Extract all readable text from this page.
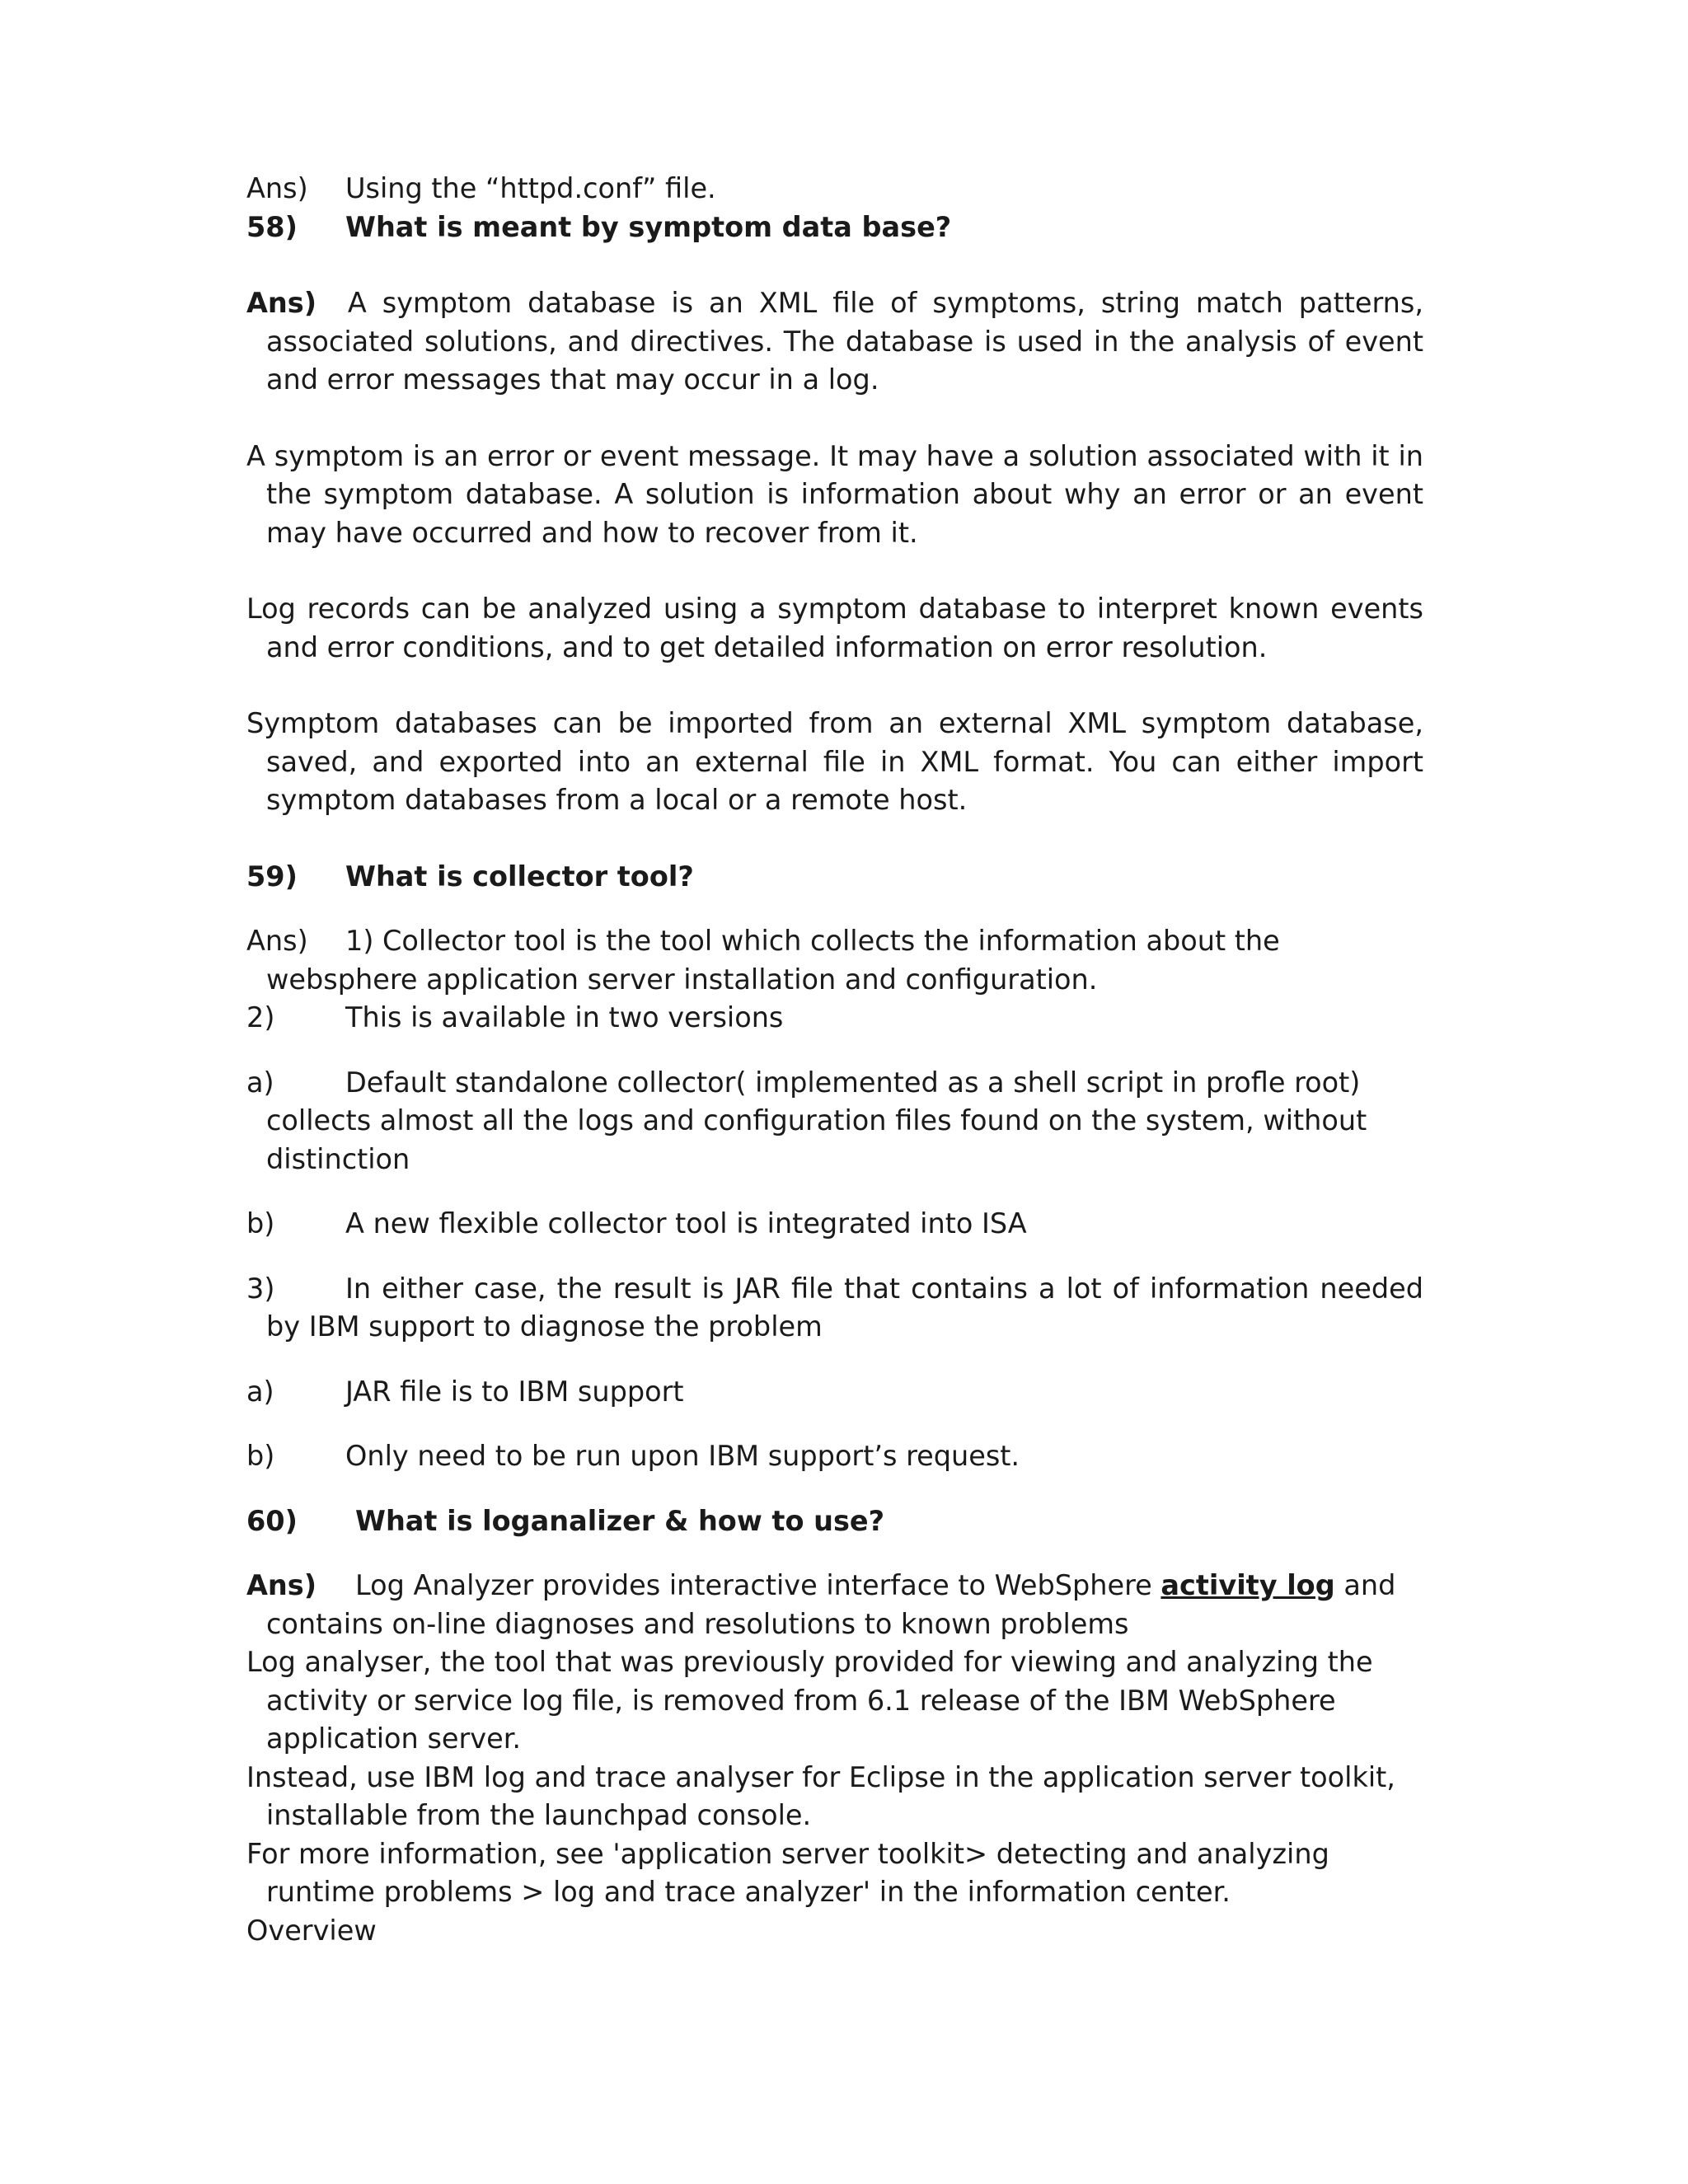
Ans) Using the “httpd.conf” file.

58) What is meant by symptom data base?

Ans) A symptom database is an XML file of symptoms, string match patterns, associated solutions, and directives. The database is used in the analysis of event and error messages that may occur in a log.

A symptom is an error or event message. It may have a solution associated with it in the symptom database. A solution is information about why an error or an event may have occurred and how to recover from it.

Log records can be analyzed using a symptom database to interpret known events and error conditions, and to get detailed information on error resolution.

Symptom databases can be imported from an external XML symptom database, saved, and exported into an external file in XML format. You can either import symptom databases from a local or a remote host.

59) What is collector tool?

Ans) 1) Collector tool is the tool which collects the information about the websphere application server installation and configuration.

2)	This is available in two versions

a)	Default standalone collector( implemented as a shell script in profle root) collects almost all the logs and configuration files found on the system, without distinction

b)	A new flexible collector tool is integrated into ISA

3)	In either case, the result is JAR file that contains a lot of information needed by IBM support to diagnose the problem

a)	JAR file is to IBM support

b)	Only need to be run upon IBM support’s request.

60) What is loganalizer & how to use?

Ans) Log Analyzer provides interactive interface to WebSphere activity log and contains on-line diagnoses and resolutions to known problems

Log analyser, the tool that was previously provided for viewing and analyzing the activity or service log file, is removed from 6.1 release of the IBM WebSphere application server.

Instead, use IBM log and trace analyser for Eclipse in the application server toolkit, installable from the launchpad console.

For more information, see 'application server toolkit> detecting and analyzing runtime problems > log and trace analyzer' in the information center.

Overview
